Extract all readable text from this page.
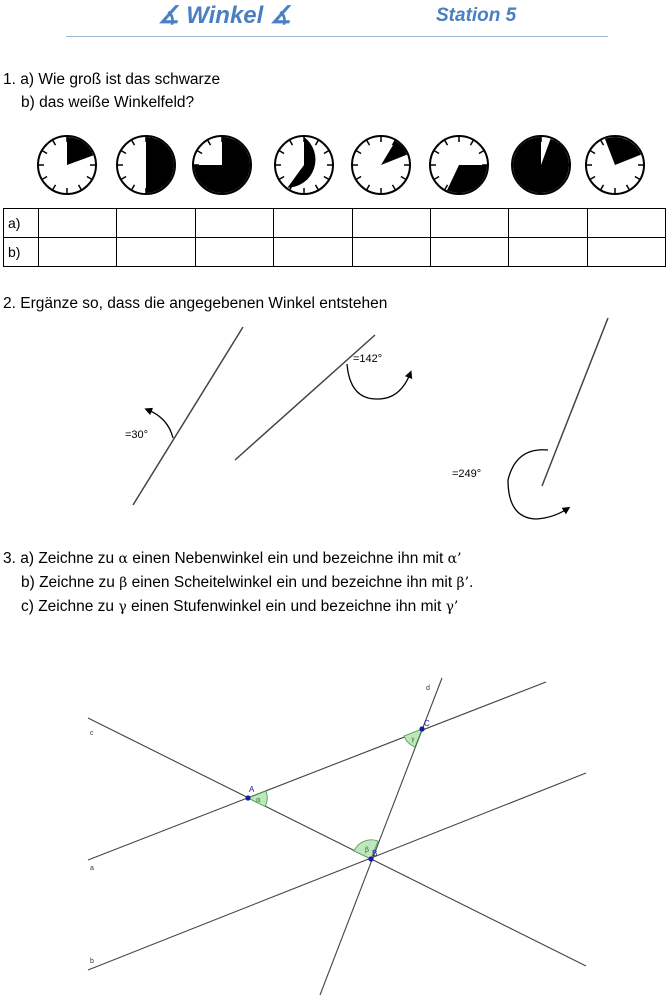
∡ Winkel ∡	Station 5
1. a) Wie groß ist das schwarze
b) das weiße Winkelfeld?
a)								
b)								
2. Ergänze so, dass die angegebenen Winkel entstehen
=30°
=142°
=249°
3. a) Zeichne zu α einen Nebenwinkel ein und bezeichne ihn mit α’
b) Zeichne zu β einen Scheitelwinkel ein und bezeichne ihn mit β’.
c) Zeichne zu γ einen Stufenwinkel ein und bezeichne ihn mit γ’
a
b
c
d
A
B
C
α
β
γ
